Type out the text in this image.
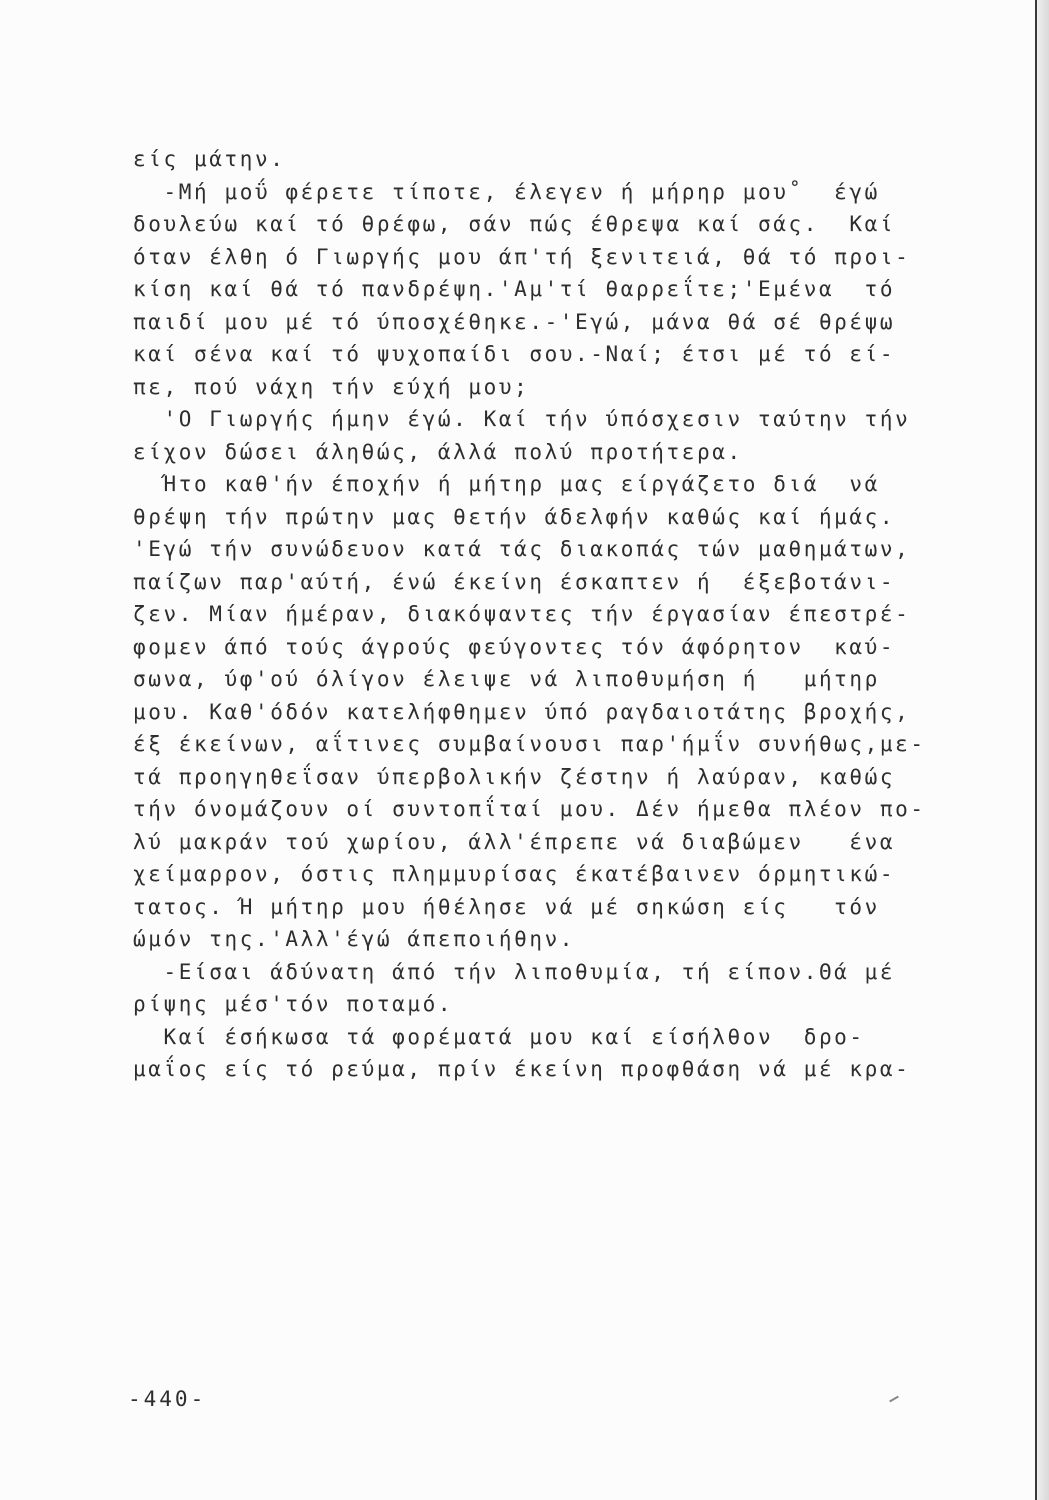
είς μάτην.
-Μή μοΰ φέρετε τίποτε, έλεγεν ή μήρηρ μου˚  έγώ
δουλεύω καί τό θρέφω, σάν πώς έθρεψα καί σάς.  Καί
όταν έλθη ό Γιωργής μου άπ'τή ξενιτειά, θά τό προι-
κίση καί θά τό πανδρέψη.'Αμ'τί θαρρεΐτε;'Εμένα  τό
παιδί μου μέ τό ύποσχέθηκε.-'Εγώ, μάνα θά σέ θρέψω
καί σένα καί τό ψυχοπαίδι σου.-Ναί; έτσι μέ τό εί-
πε, πού νάχη τήν εύχή μου;
'Ο Γιωργής ήμην έγώ. Καί τήν ύπόσχεσιν ταύτην τήν
είχον δώσει άληθώς, άλλά πολύ προτήτερα.
Ήτο καθ'ήν έποχήν ή μήτηρ μας είργάζετο διά  νά
θρέψη τήν πρώτην μας θετήν άδελφήν καθώς καί ήμάς.
'Εγώ τήν συνώδευον κατά τάς διακοπάς τών μαθημάτων,
παίζων παρ'αύτή, ένώ έκείνη έσκαπτεν ή  έξεβοτάνι-
ζεν. Μίαν ήμέραν, διακόψαντες τήν έργασίαν έπεστρέ-
φομεν άπό τούς άγρούς φεύγοντες τόν άφόρητον  καύ-
σωνα, ύφ'ού όλίγον έλειψε νά λιποθυμήση ή   μήτηρ
μου. Καθ'όδόν κατελήφθημεν ύπό ραγδαιοτάτης βροχής,
έξ έκείνων, αΐτινες συμβαίνουσι παρ'ήμΐν συνήθως,με-
τά προηγηθεΐσαν ύπερβολικήν ζέστην ή λαύραν, καθώς
τήν όνομάζουν οί συντοπΐταί μου. Δέν ήμεθα πλέον πο-
λύ μακράν τού χωρίου, άλλ'έπρεπε νά διαβώμεν   ένα
χείμαρρον, όστις πλημμυρίσας έκατέβαινεν όρμητικώ-
τατος. Ή μήτηρ μου ήθέλησε νά μέ σηκώση είς   τόν
ώμόν της.'Αλλ'έγώ άπεποιήθην.
-Είσαι άδύνατη άπό τήν λιποθυμία, τή είπον.Θά μέ
ρίψης μέσ'τόν ποταμό.
Καί έσήκωσα τά φορέματά μου καί είσήλθον  δρο-
μαΐος είς τό ρεύμα, πρίν έκείνη προφθάση νά μέ κρα-
-440-
